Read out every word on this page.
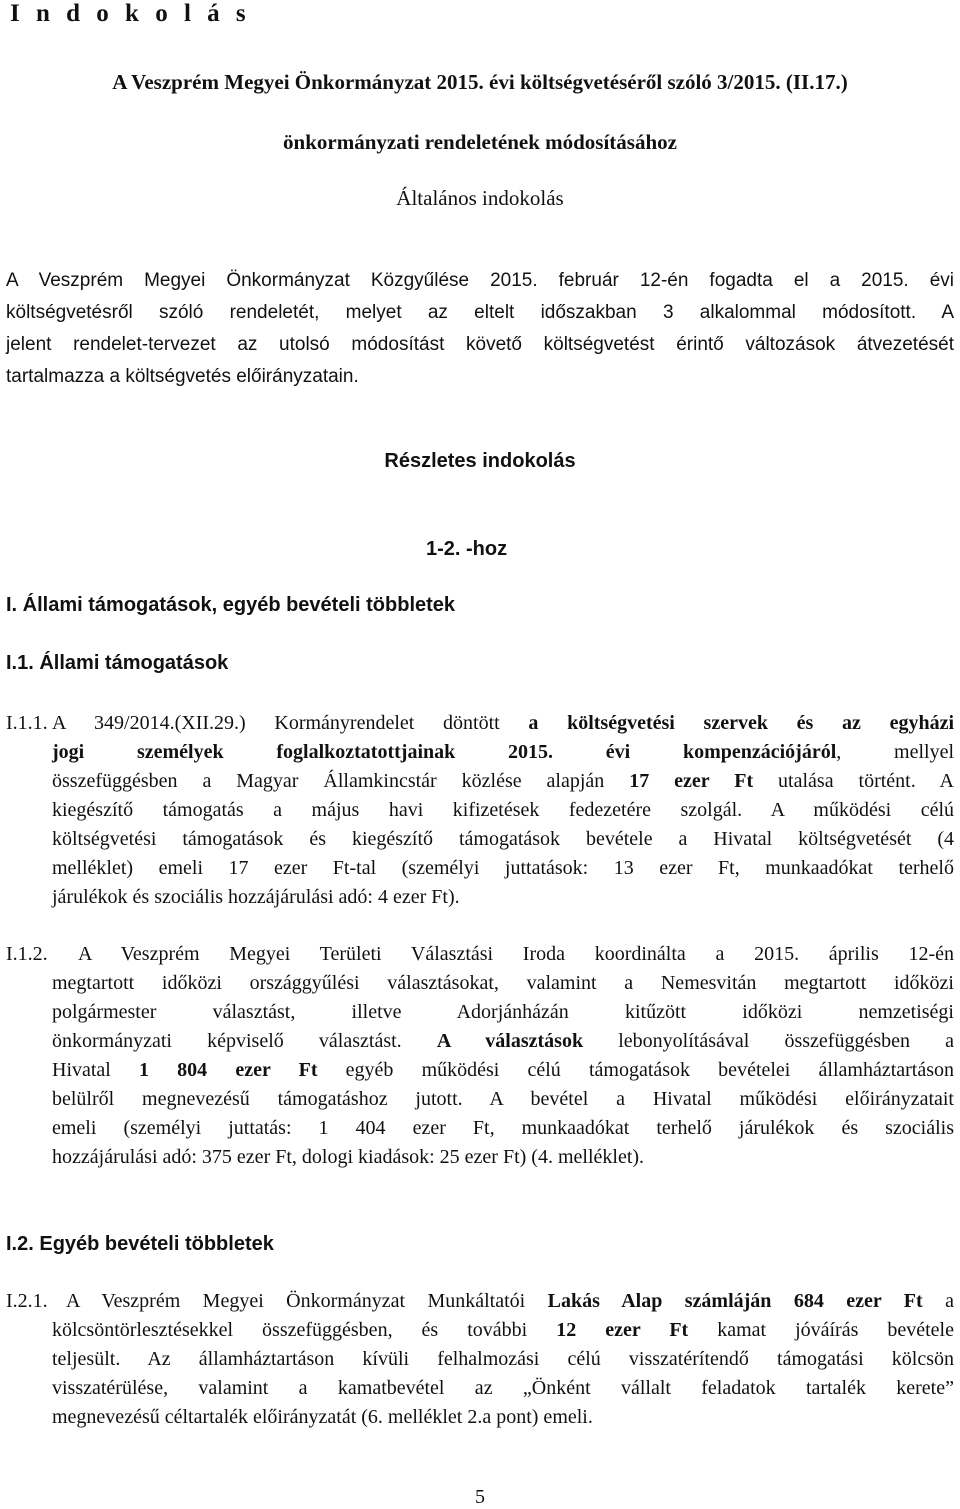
I n d o k o l á s
A Veszprém Megyei Önkormányzat 2015. évi költségvetéséről szóló 3/2015. (II.17.)
önkormányzati rendeletének módosításához
Általános indokolás
A Veszprém Megyei Önkormányzat Közgyűlése 2015. február 12-én fogadta el a 2015. évi
költségvetésről szóló rendeletét, melyet az eltelt időszakban 3 alkalommal módosított. A
jelent rendelet-tervezet az utolsó módosítást követő költségvetést érintő változások átvezetését
tartalmazza a költségvetés előirányzatain.
Részletes indokolás
1-2. -hoz
I. Állami támogatások, egyéb bevételi többletek
I.1. Állami támogatások
I.1.1. A 349/2014.(XII.29.) Kormányrendelet döntött a költségvetési szervek és az egyházi
jogi személyek foglalkoztatottjainak 2015. évi kompenzációjáról, mellyel
összefüggésben a Magyar Államkincstár közlése alapján 17 ezer Ft utalása történt. A
kiegészítő támogatás a május havi kifizetések fedezetére szolgál. A működési célú
költségvetési támogatások és kiegészítő támogatások bevétele a Hivatal költségvetését (4
melléklet) emeli 17 ezer Ft-tal (személyi juttatások: 13 ezer Ft, munkaadókat terhelő
járulékok és szociális hozzájárulási adó: 4 ezer Ft).
I.1.2. A Veszprém Megyei Területi Választási Iroda koordinálta a 2015. április 12-én
megtartott időközi országgyűlési választásokat, valamint a Nemesvitán megtartott időközi
polgármester választást, illetve Adorjánházán kitűzött időközi nemzetiségi
önkormányzati képviselő választást. A választások lebonyolításával összefüggésben a
Hivatal 1 804 ezer Ft egyéb működési célú támogatások bevételei államháztartáson
belülről megnevezésű támogatáshoz jutott. A bevétel a Hivatal működési előirányzatait
emeli (személyi juttatás: 1 404 ezer Ft, munkaadókat terhelő járulékok és szociális
hozzájárulási adó: 375 ezer Ft, dologi kiadások: 25 ezer Ft) (4. melléklet).
I.2. Egyéb bevételi többletek
I.2.1. A Veszprém Megyei Önkormányzat Munkáltatói Lakás Alap számláján 684 ezer Ft a
kölcsöntörlesztésekkel összefüggésben, és további 12 ezer Ft kamat jóváírás bevétele
teljesült. Az államháztartáson kívüli felhalmozási célú visszatérítendő támogatási kölcsön
visszatérülése, valamint a kamatbevétel az „Önként vállalt feladatok tartalék kerete”
megnevezésű céltartalék előirányzatát (6. melléklet 2.a pont) emeli.
5
